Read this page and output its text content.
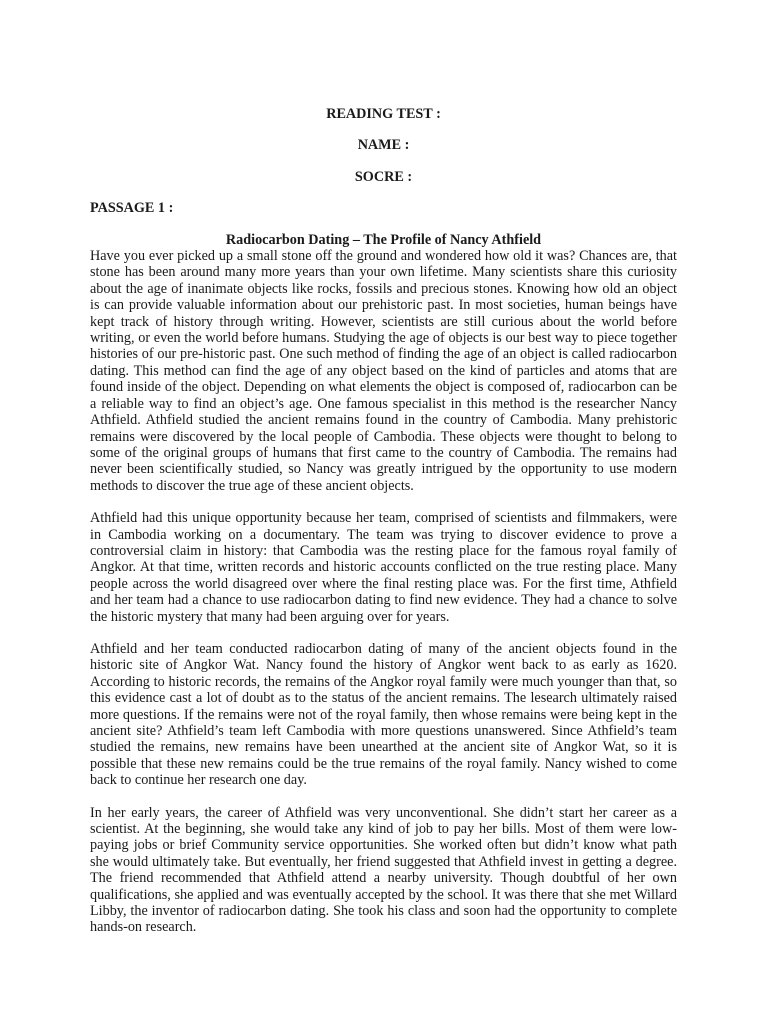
READING TEST :

NAME :

SOCRE :

PASSAGE 1 :

Radiocarbon Dating – The Profile of Nancy Athfield

Have you ever picked up a small stone off the ground and wondered how old it was? Chances are, that stone has been around many more years than your own lifetime. Many scientists share this curiosity about the age of inanimate objects like rocks, fossils and precious stones. Knowing how old an object is can provide valuable information about our prehistoric past. In most societies, human beings have kept track of history through writing. However, scientists are still curious about the world before writing, or even the world before humans. Studying the age of objects is our best way to piece together histories of our pre-historic past. One such method of finding the age of an object is called radiocarbon dating. This method can find the age of any object based on the kind of particles and atoms that are found inside of the object. Depending on what elements the object is composed of, radiocarbon can be a reliable way to find an object’s age. One famous specialist in this method is the researcher Nancy Athfield. Athfield studied the ancient remains found in the country of Cambodia. Many prehistoric remains were discovered by the local people of Cambodia. These objects were thought to belong to some of the original groups of humans that first came to the country of Cambodia. The remains had never been scientifically studied, so Nancy was greatly intrigued by the opportunity to use modern methods to discover the true age of these ancient objects.

Athfield had this unique opportunity because her team, comprised of scientists and filmmakers, were in Cambodia working on a documentary. The team was trying to discover evidence to prove a controversial claim in history: that Cambodia was the resting place for the famous royal family of Angkor. At that time, written records and historic accounts conflicted on the true resting place. Many people across the world disagreed over where the final resting place was. For the first time, Athfield and her team had a chance to use radiocarbon dating to find new evidence. They had a chance to solve the historic mystery that many had been arguing over for years.

Athfield and her team conducted radiocarbon dating of many of the ancient objects found in the historic site of Angkor Wat. Nancy found the history of Angkor went back to as early as 1620. According to historic records, the remains of the Angkor royal family were much younger than that, so this evidence cast a lot of doubt as to the status of the ancient remains. The lesearch ultimately raised more questions. If the remains were not of the royal family, then whose remains were being kept in the ancient site? Athfield’s team left Cambodia with more questions unanswered. Since Athfield’s team studied the remains, new remains have been unearthed at the ancient site of Angkor Wat, so it is possible that these new remains could be the true remains of the royal family. Nancy wished to come back to continue her research one day.

In her early years, the career of Athfield was very unconventional. She didn’t start her career as a scientist. At the beginning, she would take any kind of job to pay her bills. Most of them were low-paying jobs or brief Community service opportunities. She worked often but didn’t know what path she would ultimately take. But eventually, her friend suggested that Athfield invest in getting a degree. The friend recommended that Athfield attend a nearby university. Though doubtful of her own qualifications, she applied and was eventually accepted by the school. It was there that she met Willard Libby, the inventor of radiocarbon dating. She took his class and soon had the opportunity to complete hands-on research.
